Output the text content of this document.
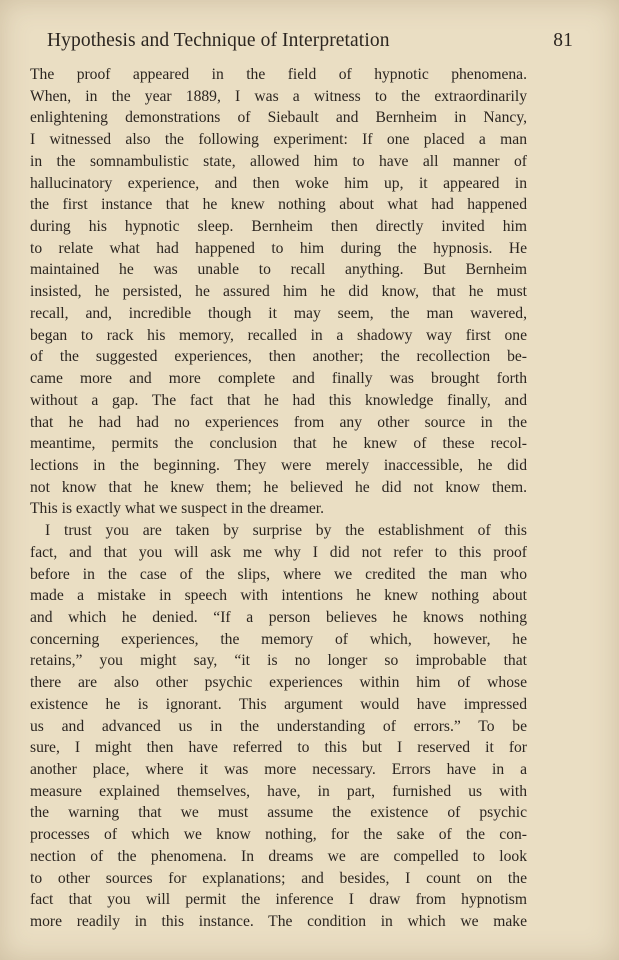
Hypothesis and Technique of Interpretation	81
The proof appeared in the field of hypnotic phenomena.
When, in the year 1889, I was a witness to the extraordinarily
enlightening demonstrations of Siebault and Bernheim in Nancy,
I witnessed also the following experiment: If one placed a man
in the somnambulistic state, allowed him to have all manner of
hallucinatory experience, and then woke him up, it appeared in
the first instance that he knew nothing about what had happened
during his hypnotic sleep. Bernheim then directly invited him
to relate what had happened to him during the hypnosis. He
maintained he was unable to recall anything. But Bernheim
insisted, he persisted, he assured him he did know, that he must
recall, and, incredible though it may seem, the man wavered,
began to rack his memory, recalled in a shadowy way first one
of the suggested experiences, then another; the recollection be-
came more and more complete and finally was brought forth
without a gap. The fact that he had this knowledge finally, and
that he had had no experiences from any other source in the
meantime, permits the conclusion that he knew of these recol-
lections in the beginning. They were merely inaccessible, he did
not know that he knew them; he believed he did not know them.
This is exactly what we suspect in the dreamer.
I trust you are taken by surprise by the establishment of this
fact, and that you will ask me why I did not refer to this proof
before in the case of the slips, where we credited the man who
made a mistake in speech with intentions he knew nothing about
and which he denied. “If a person believes he knows nothing
concerning experiences, the memory of which, however, he
retains,” you might say, “it is no longer so improbable that
there are also other psychic experiences within him of whose
existence he is ignorant. This argument would have impressed
us and advanced us in the understanding of errors.” To be
sure, I might then have referred to this but I reserved it for
another place, where it was more necessary. Errors have in a
measure explained themselves, have, in part, furnished us with
the warning that we must assume the existence of psychic
processes of which we know nothing, for the sake of the con-
nection of the phenomena. In dreams we are compelled to look
to other sources for explanations; and besides, I count on the
fact that you will permit the inference I draw from hypnotism
more readily in this instance. The condition in which we make
